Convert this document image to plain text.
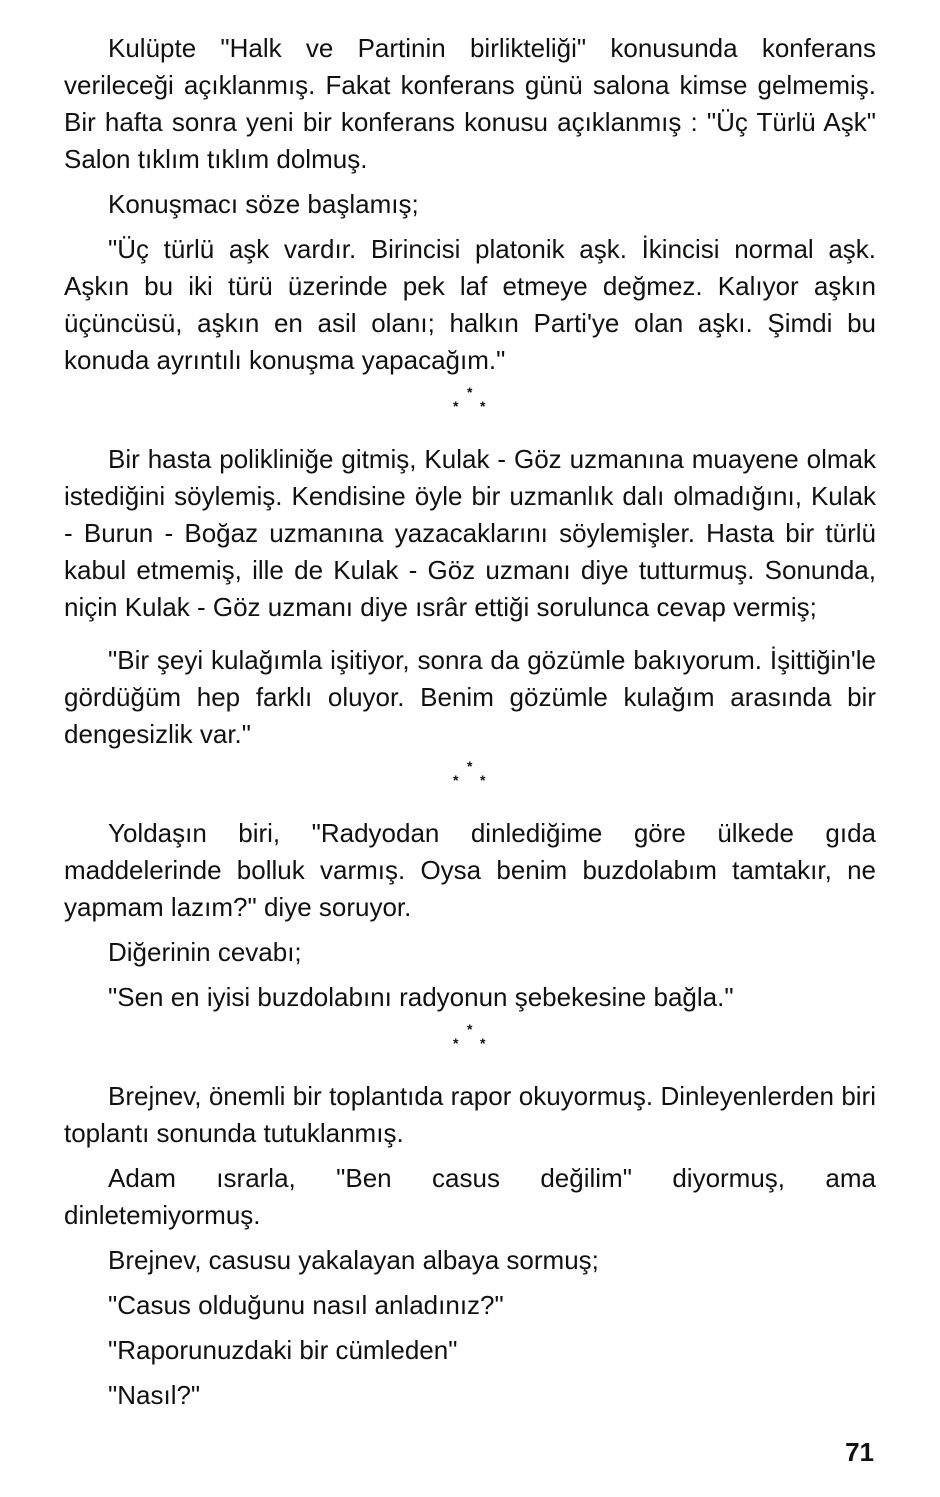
Kulüpte "Halk ve Partinin birlikteliği" konusunda konferans verileceği açıklanmış. Fakat konferans günü salona kimse gelmemiş. Bir hafta sonra yeni bir konferans konusu açıklanmış : "Üç Türlü Aşk" Salon tıklım tıklım dolmuş.

Konuşmacı söze başlamış;

"Üç türlü aşk vardır. Birincisi platonik aşk. İkincisi normal aşk. Aşkın bu iki türü üzerinde pek laf etmeye değmez. Kalıyor aşkın üçüncüsü, aşkın en asil olanı; halkın Parti'ye olan aşkı. Şimdi bu konuda ayrıntılı konuşma yapacağım."

*
* *

Bir hasta polikliniğe gitmiş, Kulak - Göz uzmanına muayene olmak istediğini söylemiş. Kendisine öyle bir uzmanlık dalı olmadığını, Kulak - Burun - Boğaz uzmanına yazacaklarını söylemişler. Hasta bir türlü kabul etmemiş, ille de Kulak - Göz uzmanı diye tutturmuş. Sonunda, niçin Kulak - Göz uzmanı diye ısrâr ettiği sorulunca cevap vermiş;

"Bir şeyi kulağımla işitiyor, sonra da gözümle bakıyorum. İşittiğin'le gördüğüm hep farklı oluyor. Benim gözümle kulağım arasında bir dengesizlik var."

*
* *

Yoldaşın biri, "Radyodan dinlediğime göre ülkede gıda maddelerinde bolluk varmış. Oysa benim buzdolabım tamtakır, ne yapmam lazım?" diye soruyor.

Diğerinin cevabı;

"Sen en iyisi buzdolabını radyonun şebekesine bağla."

*
* *

Brejnev, önemli bir toplantıda rapor okuyormuş. Dinleyenlerden biri toplantı sonunda tutuklanmış.

Adam ısrarla, "Ben casus değilim" diyormuş, ama dinletemiyormuş.

Brejnev, casusu yakalayan albaya sormuş;

"Casus olduğunu nasıl anladınız?"

"Raporunuzdaki bir cümleden"

"Nasıl?"

71
